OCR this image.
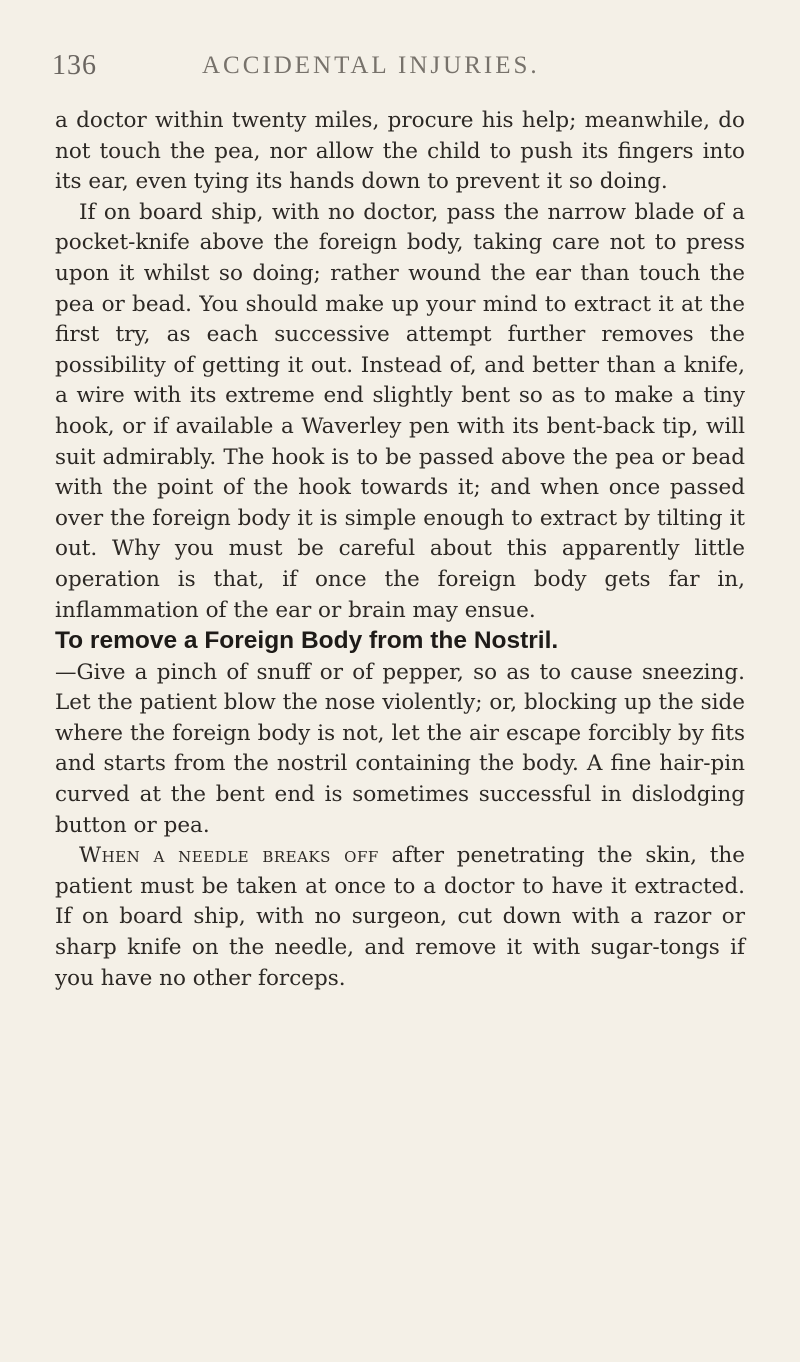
136	ACCIDENTAL INJURIES.

a doctor within twenty miles, procure his help; meanwhile, do not touch the pea, nor allow the child to push its fingers into its ear, even tying its hands down to prevent it so doing.

If on board ship, with no doctor, pass the narrow blade of a pocket-knife above the foreign body, taking care not to press upon it whilst so doing; rather wound the ear than touch the pea or bead. You should make up your mind to extract it at the first try, as each successive attempt further removes the possibility of getting it out. Instead of, and better than a knife, a wire with its extreme end slightly bent so as to make a tiny hook, or if available a Waverley pen with its bent-back tip, will suit admirably. The hook is to be passed above the pea or bead with the point of the hook towards it; and when once passed over the foreign body it is simple enough to extract by tilting it out. Why you must be careful about this apparently little operation is that, if once the foreign body gets far in, inflammation of the ear or brain may ensue.

To remove a Foreign Body from the Nostril.
—Give a pinch of snuff or of pepper, so as to cause sneezing. Let the patient blow the nose violently; or, blocking up the side where the foreign body is not, let the air escape forcibly by fits and starts from the nostril containing the body. A fine hair-pin curved at the bent end is sometimes successful in dislodging button or pea.

When a needle breaks off after penetrating the skin, the patient must be taken at once to a doctor to have it extracted. If on board ship, with no surgeon, cut down with a razor or sharp knife on the needle, and remove it with sugar-tongs if you have no other forceps.
